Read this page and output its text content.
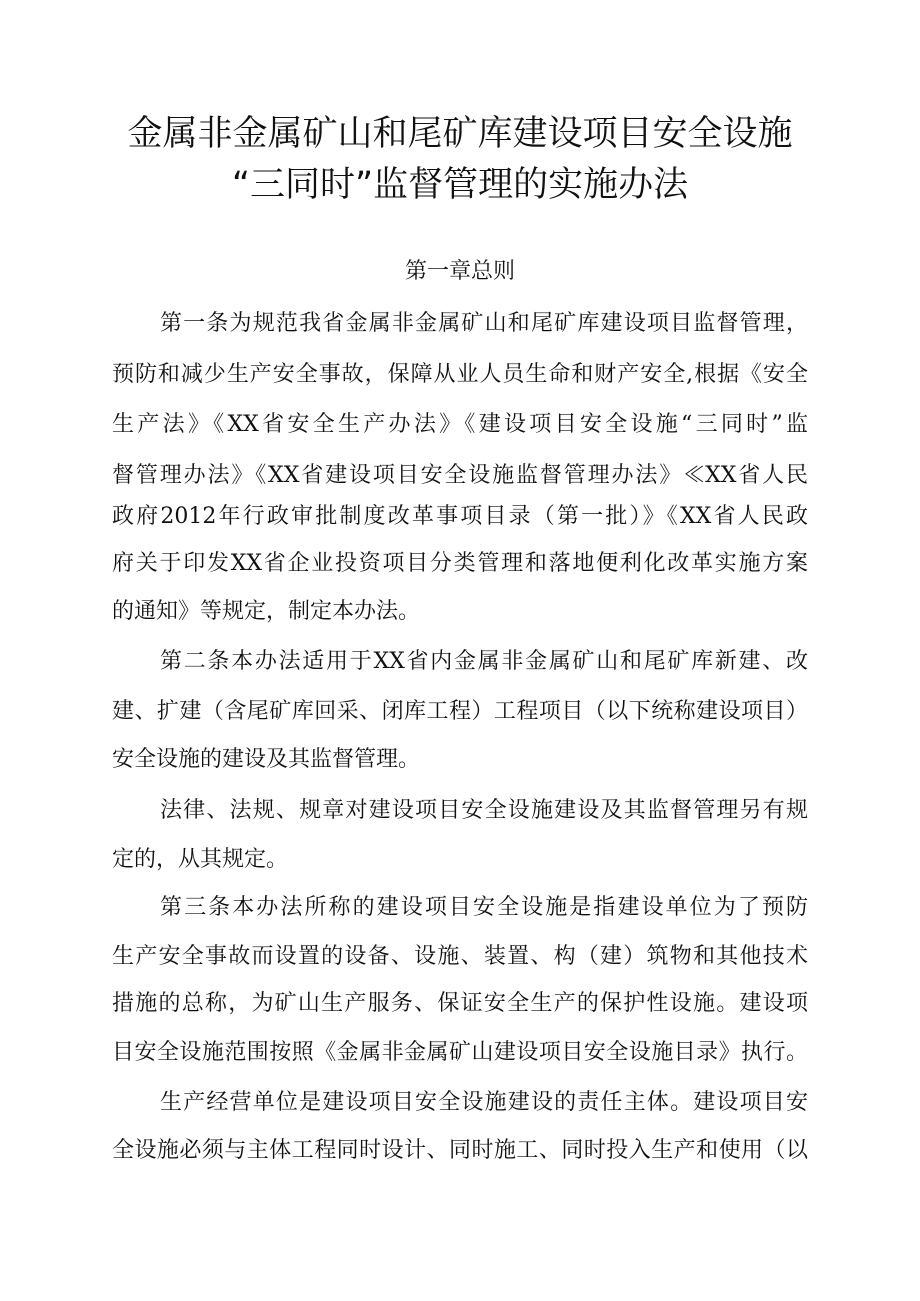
金属非金属矿山和尾矿库建设项目安全设施
“三同时”监督管理的实施办法
第一章总则
第一条为规范我省金属非金属矿山和尾矿库建设项目监督管理，
预防和减少生产安全事故，保障从业人员生命和财产安全,根据《安全
生产法》《XX省安全生产办法》《建设项目安全设施“三同时”监
督管理办法》《XX省建设项目安全设施监督管理办法》≪XX省人民
政府2012年行政审批制度改革事项目录（第一批）》《XX省人民政
府关于印发XX省企业投资项目分类管理和落地便利化改革实施方案
的通知》等规定，制定本办法。
第二条本办法适用于XX省内金属非金属矿山和尾矿库新建、改
建、扩建（含尾矿库回采、闭库工程）工程项目（以下统称建设项目）
安全设施的建设及其监督管理。
法律、法规、规章对建设项目安全设施建设及其监督管理另有规
定的，从其规定。
第三条本办法所称的建设项目安全设施是指建设单位为了预防
生产安全事故而设置的设备、设施、装置、构（建）筑物和其他技术
措施的总称，为矿山生产服务、保证安全生产的保护性设施。建设项
目安全设施范围按照《金属非金属矿山建设项目安全设施目录》执行。
生产经营单位是建设项目安全设施建设的责任主体。建设项目安
全设施必须与主体工程同时设计、同时施工、同时投入生产和使用（以
